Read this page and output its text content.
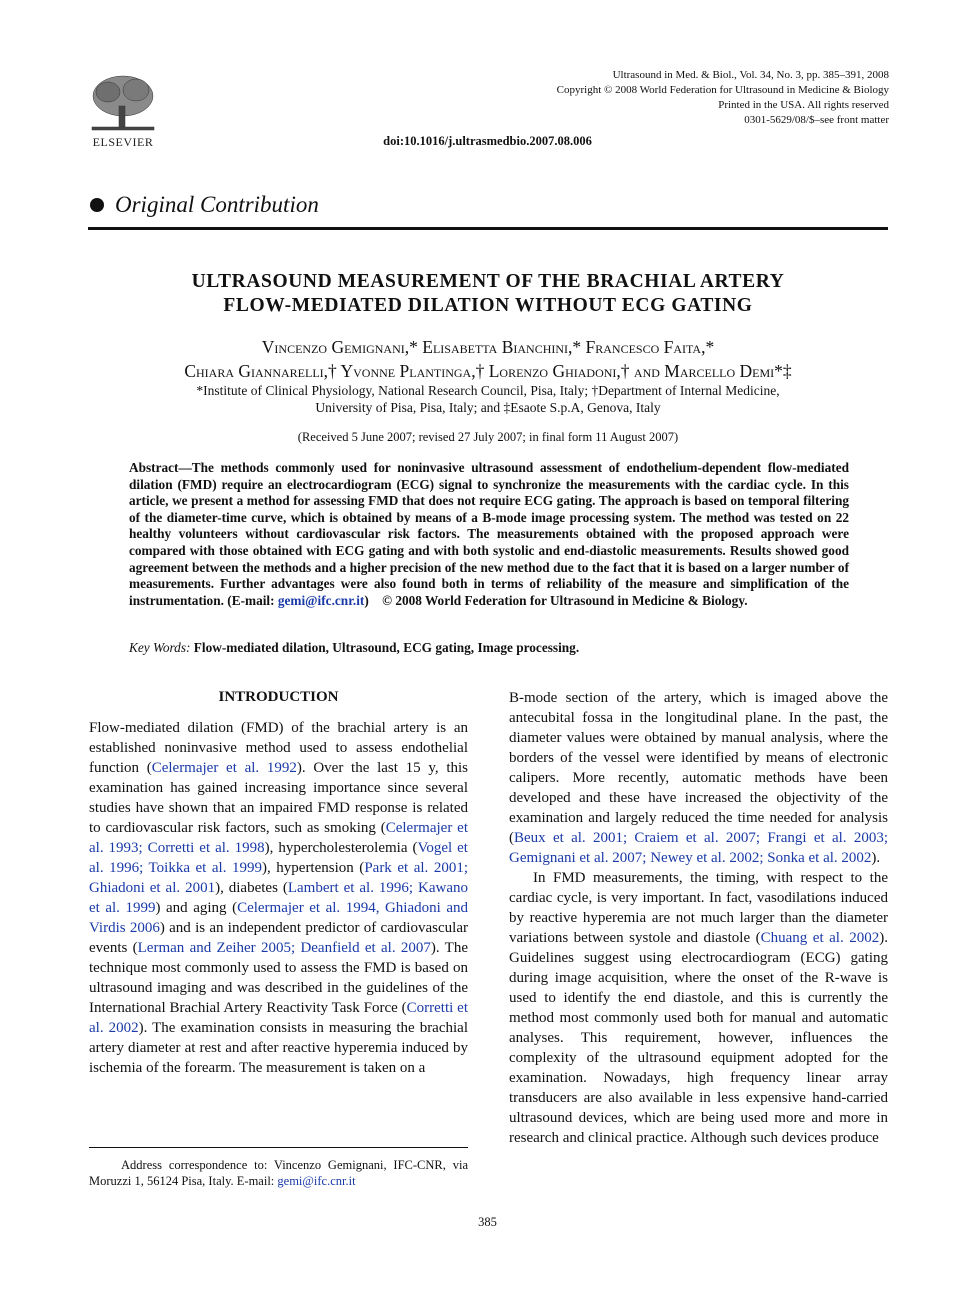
ELSEVIER
Ultrasound in Med. & Biol., Vol. 34, No. 3, pp. 385–391, 2008
Copyright © 2008 World Federation for Ultrasound in Medicine & Biology
Printed in the USA. All rights reserved
0301-5629/08/$–see front matter
doi:10.1016/j.ultrasmedbio.2007.08.006
Original Contribution
ULTRASOUND MEASUREMENT OF THE BRACHIAL ARTERY
FLOW-MEDIATED DILATION WITHOUT ECG GATING
Vincenzo Gemignani,* Elisabetta Bianchini,* Francesco Faita,*
Chiara Giannarelli,† Yvonne Plantinga,† Lorenzo Ghiadoni,† and Marcello Demi*‡
*Institute of Clinical Physiology, National Research Council, Pisa, Italy; †Department of Internal Medicine,
University of Pisa, Pisa, Italy; and ‡Esaote S.p.A, Genova, Italy
(Received 5 June 2007; revised 27 July 2007; in final form 11 August 2007)
Abstract—The methods commonly used for noninvasive ultrasound assessment of endothelium-dependent flow-mediated dilation (FMD) require an electrocardiogram (ECG) signal to synchronize the measurements with the cardiac cycle. In this article, we present a method for assessing FMD that does not require ECG gating. The approach is based on temporal filtering of the diameter-time curve, which is obtained by means of a B-mode image processing system. The method was tested on 22 healthy volunteers without cardiovascular risk factors. The measurements obtained with the proposed approach were compared with those obtained with ECG gating and with both systolic and end-diastolic measurements. Results showed good agreement between the methods and a higher precision of the new method due to the fact that it is based on a larger number of measurements. Further advantages were also found both in terms of reliability of the measure and simplification of the instrumentation. (E-mail: gemi@ifc.cnr.it) © 2008 World Federation for Ultrasound in Medicine & Biology.
Key Words: Flow-mediated dilation, Ultrasound, ECG gating, Image processing.
INTRODUCTION

Flow-mediated dilation (FMD) of the brachial artery is an established noninvasive method used to assess endothelial function (Celermajer et al. 1992). Over the last 15 y, this examination has gained increasing importance since several studies have shown that an impaired FMD response is related to cardiovascular risk factors, such as smoking (Celermajer et al. 1993; Corretti et al. 1998), hypercholesterolemia (Vogel et al. 1996; Toikka et al. 1999), hypertension (Park et al. 2001; Ghiadoni et al. 2001), diabetes (Lambert et al. 1996; Kawano et al. 1999) and aging (Celermajer et al. 1994, Ghiadoni and Virdis 2006) and is an independent predictor of cardiovascular events (Lerman and Zeiher 2005; Deanfield et al. 2007). The technique most commonly used to assess the FMD is based on ultrasound imaging and was described in the guidelines of the International Brachial Artery Reactivity Task Force (Corretti et al. 2002). The examination consists in measuring the brachial artery diameter at rest and after reactive hyperemia induced by ischemia of the forearm. The measurement is taken on a

B-mode section of the artery, which is imaged above the antecubital fossa in the longitudinal plane. In the past, the diameter values were obtained by manual analysis, where the borders of the vessel were identified by means of electronic calipers. More recently, automatic methods have been developed and these have increased the objectivity of the examination and largely reduced the time needed for analysis (Beux et al. 2001; Craiem et al. 2007; Frangi et al. 2003; Gemignani et al. 2007; Newey et al. 2002; Sonka et al. 2002).

In FMD measurements, the timing, with respect to the cardiac cycle, is very important. In fact, vasodilations induced by reactive hyperemia are not much larger than the diameter variations between systole and diastole (Chuang et al. 2002). Guidelines suggest using electrocardiogram (ECG) gating during image acquisition, where the onset of the R-wave is used to identify the end diastole, and this is currently the method most commonly used both for manual and automatic analyses. This requirement, however, influences the complexity of the ultrasound equipment adopted for the examination. Nowadays, high frequency linear array transducers are also available in less expensive hand-carried ultrasound devices, which are being used more and more in research and clinical practice. Although such devices produce

Address correspondence to: Vincenzo Gemignani, IFC-CNR, via Moruzzi 1, 56124 Pisa, Italy. E-mail: gemi@ifc.cnr.it

385
